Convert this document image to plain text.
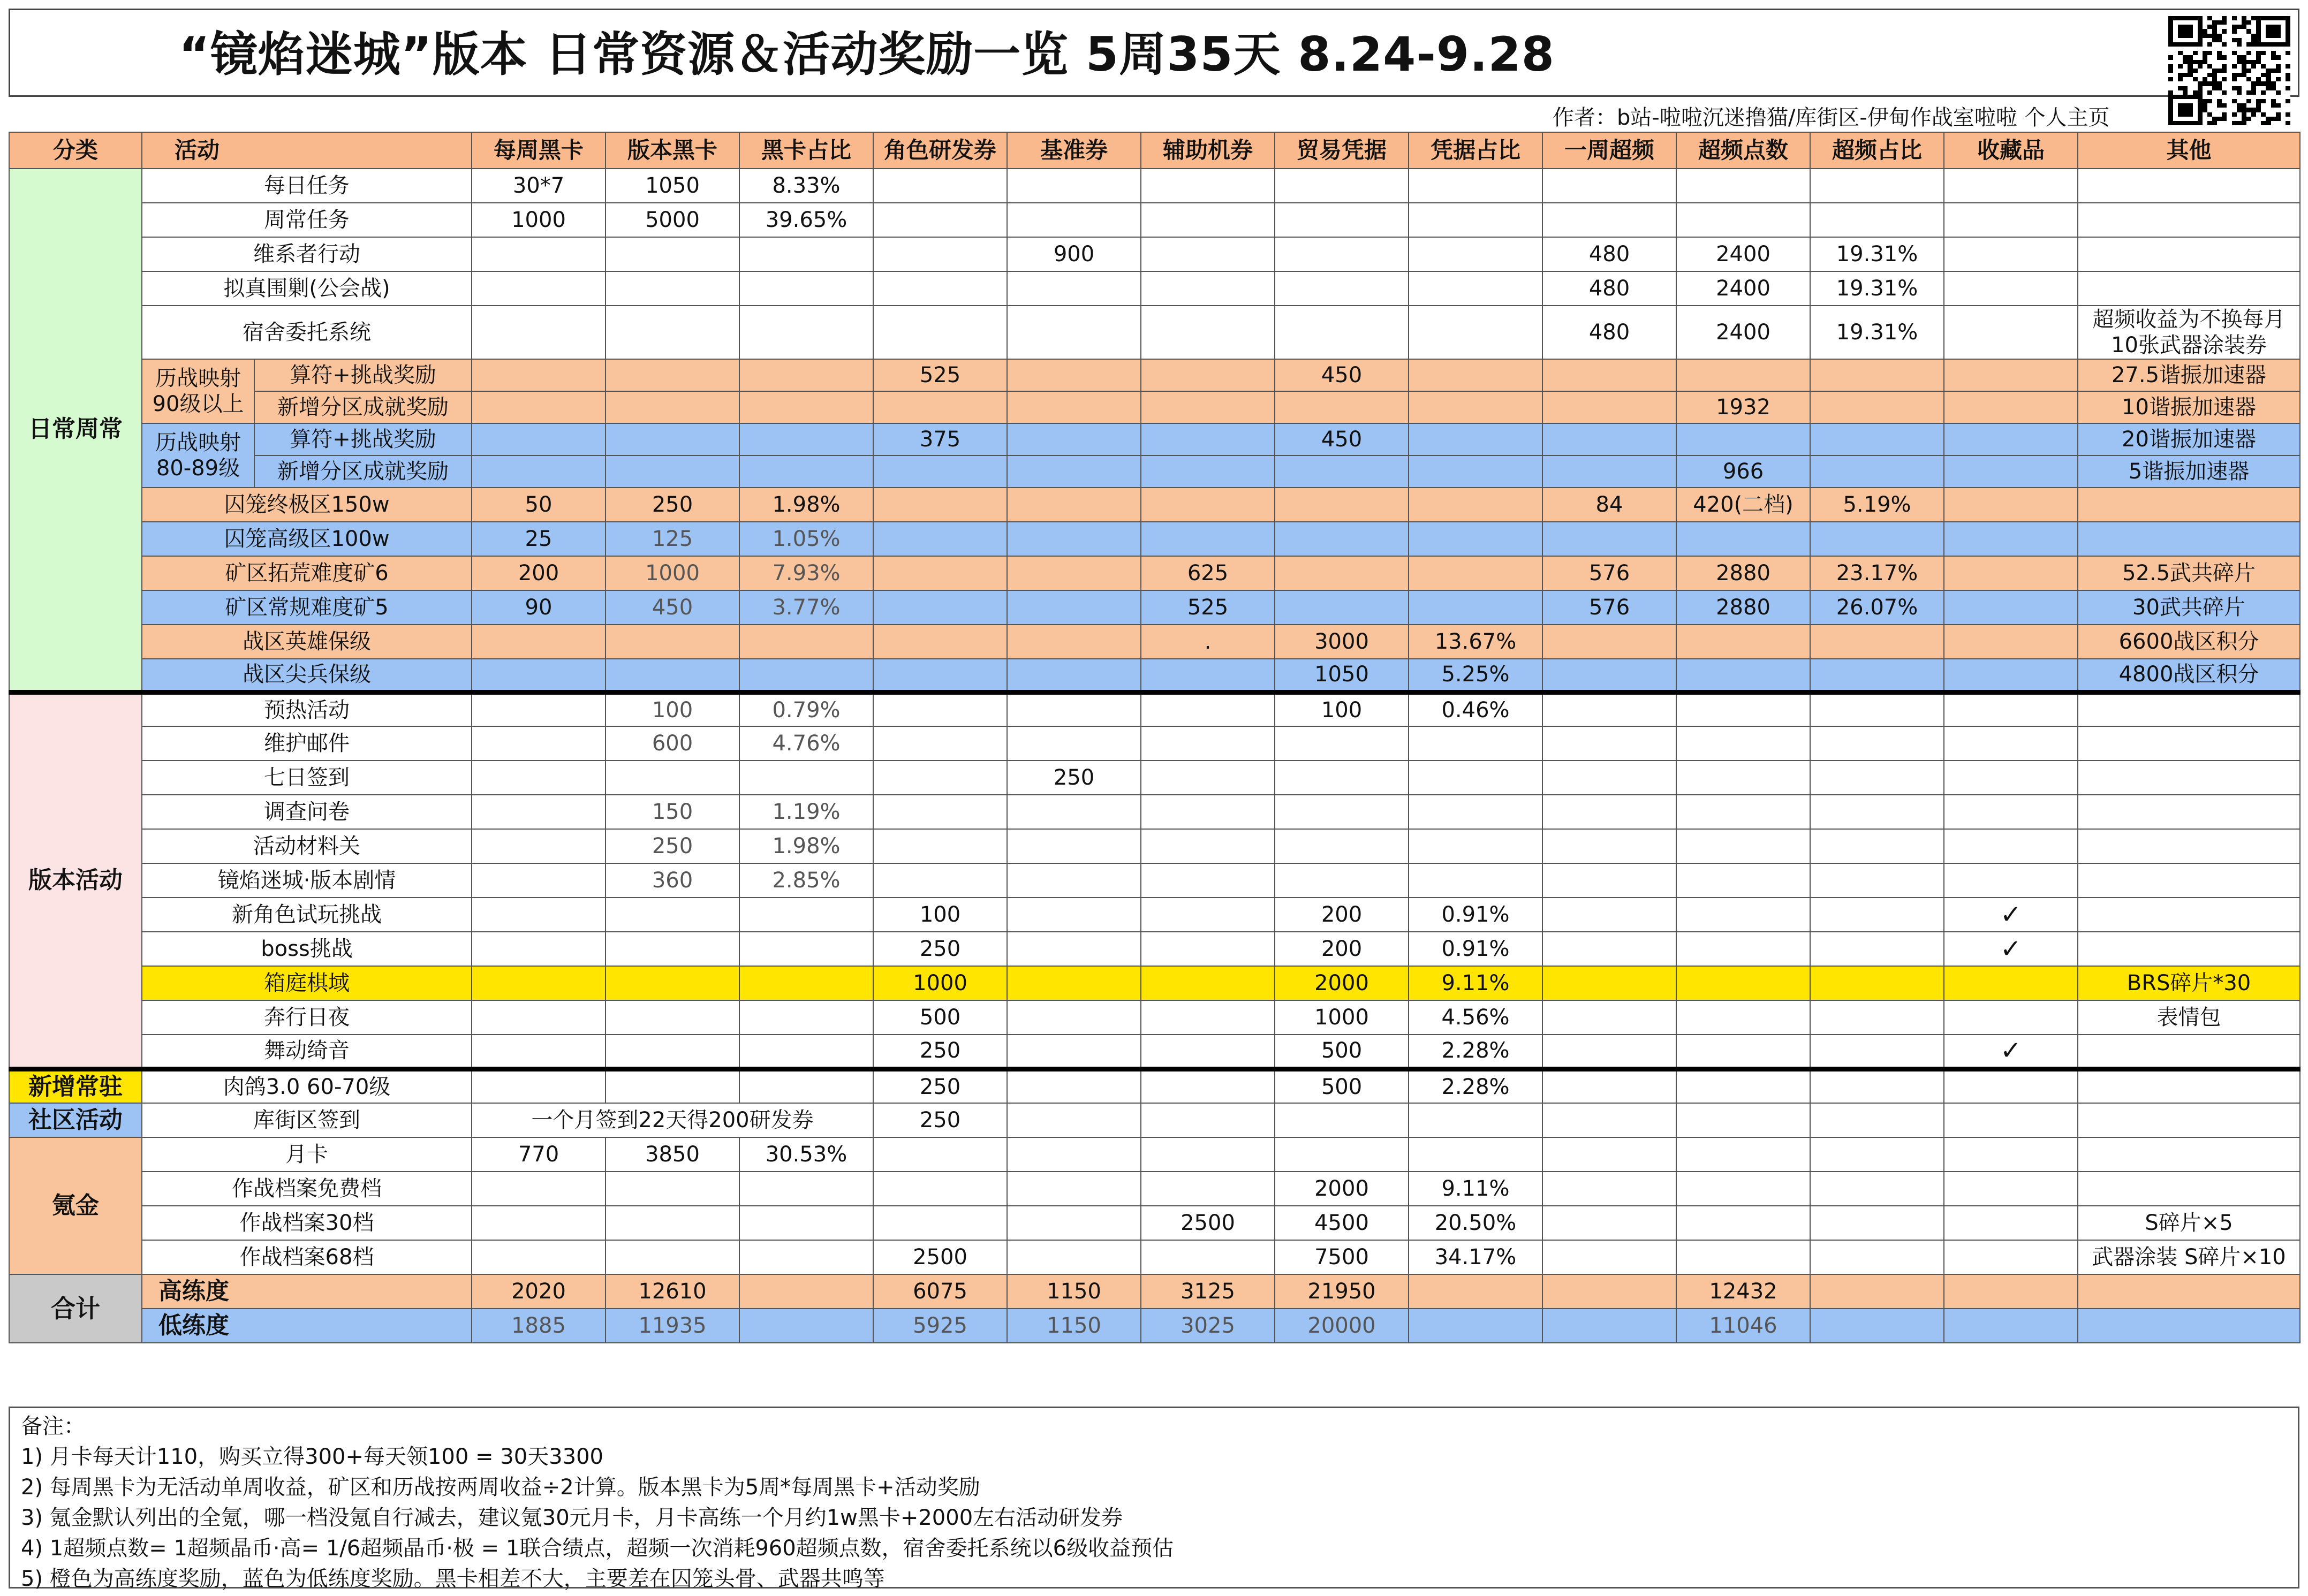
“镜焰迷城”版本 日常资源＆活动奖励一览 5周35天 8.24-9.28
作者：b站-啦啦沉迷撸猫/库街区-伊甸作战室啦啦 个人主页
分类	活动		每周黑卡	版本黑卡	黑卡占比	角色研发券	基准券	辅助机券	贸易凭据	凭据占比	一周超频	超频点数	超频占比	收藏品	其他
日常周常	每日任务		30*7	1050	8.33%										
	周常任务		1000	5000	39.65%										
	维系者行动						900				480	2400	19.31%		
	拟真围剿(公会战)										480	2400	19.31%		
	宿舍委托系统										480	2400	19.31%		超频收益为不换每月10张武器涂装券
	历战映射90级以上	算符+挑战奖励				525			450						27.5谐振加速器
		新增分区成就奖励										1932			10谐振加速器
	历战映射80-89级	算符+挑战奖励				375			450						20谐振加速器
		新增分区成就奖励										966			5谐振加速器
	囚笼终极区150w		50	250	1.98%						84	420(二档)	5.19%		
	囚笼高级区100w		25	125	1.05%										
	矿区拓荒难度矿6		200	1000	7.93%			625			576	2880	23.17%		52.5武共碎片
	矿区常规难度矿5		90	450	3.77%			525			576	2880	26.07%		30武共碎片
	战区英雄保级							.	3000	13.67%					6600战区积分
	战区尖兵保级								1050	5.25%					4800战区积分
版本活动	预热活动			100	0.79%				100	0.46%					
	维护邮件			600	4.76%										
	七日签到						250								
	调查问卷			150	1.19%										
	活动材料关			250	1.98%										
	镜焰迷城·版本剧情			360	2.85%										
	新角色试玩挑战					100			200	0.91%				✓	
	boss挑战					250			200	0.91%				✓	
	箱庭棋域					1000			2000	9.11%					BRS碎片*30
	奔行日夜					500			1000	4.56%					表情包
	舞动绮音					250			500	2.28%				✓	
新增常驻	肉鸽3.0 60-70级					250			500	2.28%					
社区活动	库街区签到		一个月签到22天得200研发券			250									
氪金	月卡		770	3850	30.53%										
	作战档案免费档								2000	9.11%					
	作战档案30档							2500	4500	20.50%					S碎片×5
	作战档案68档					2500			7500	34.17%					武器涂装 S碎片×10
合计	高练度		2020	12610		6075	1150	3125	21950			12432			
	低练度		1885	11935		5925	1150	3025	20000			11046			
备注：
1) 月卡每天计110，购买立得300+每天领100 = 30天3300
2) 每周黑卡为无活动单周收益，矿区和历战按两周收益÷2计算。版本黑卡为5周*每周黑卡+活动奖励
3) 氪金默认列出的全氪，哪一档没氪自行减去，建议氪30元月卡，月卡高练一个月约1w黑卡+2000左右活动研发券
4) 1超频点数= 1超频晶币·高= 1/6超频晶币·极 = 1联合绩点，超频一次消耗960超频点数，宿舍委托系统以6级收益预估
5) 橙色为高练度奖励，蓝色为低练度奖励。黑卡相差不大，主要差在囚笼头骨、武器共鸣等
